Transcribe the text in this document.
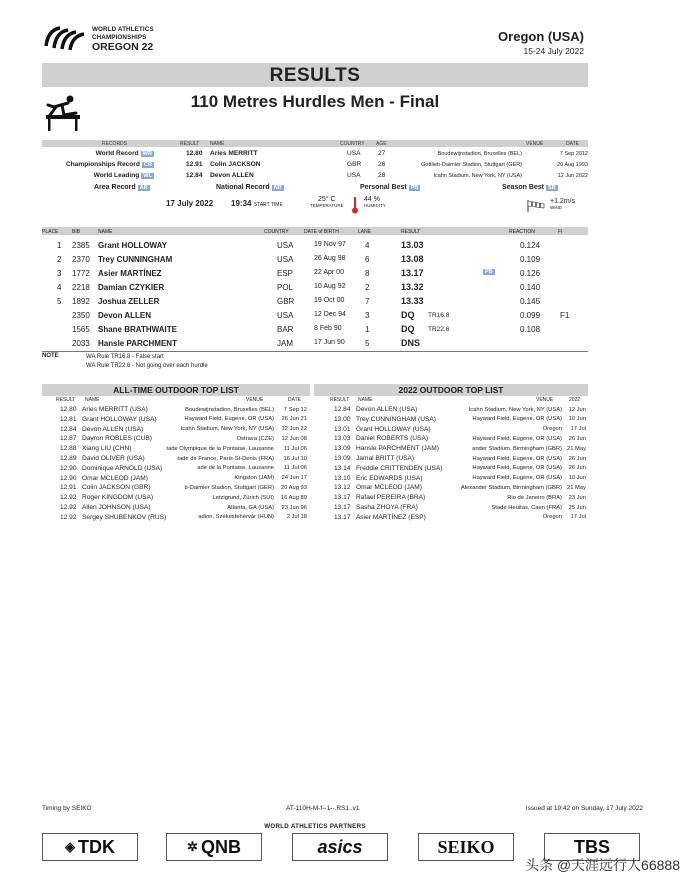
WORLD ATHLETICS
CHAMPIONSHIPS
OREGON 22
Oregon (USA)
15-24 July 2022
RESULTS
110 Metres Hurdles Men - Final
RECORDS	RESULT NAME	COUNTRY AGE	VENUE	DATE
World Record WR	12.80 Aries MERRITT	USA	27	Boudewijnstadion, Bruxelles (BEL)	7 Sep 2012
Championships Record CR	12.91 Colin JACKSON	GBR	26	Gottlieb-Daimler Stadion, Stuttgart (GER)	20 Aug 1993
World Leading WL	12.84 Devon ALLEN	USA	28	Icahn Stadium, New York, NY (USA)	12 Jun 2022
Area Record AR	National Record NR	Personal Best PB	Season Best SB
17 July 2022 19:34 START TIME
25° C
TEMPERATURE
44 %
HUMIDITY
+1.2m/s
WIND
PLACE	BIB	NAME	COUNTRY	DATE of BIRTH	LANE	RESULT	REACTION	Fl
1 2385 Grant HOLLOWAY	USA	19 Nov 97 4	13.03	0.124
2 2370 Trey CUNNINGHAM	USA	26 Aug 98 6	13.08	0.109
3 1772 Asier MARTÍNEZ	ESP	22 Apr 00	8	13.17	PB	0.126
4 2218 Damian CZYKIER	POL	10 Aug 92 2	13.32	0.140
5 1892 Joshua ZELLER	GBR	19 Oct 00	7	13.33	0.145
2350 Devon ALLEN	USA	12 Dec 94 3	DQ TR16.8	0.099 F1
1565 Shane BRATHWAITE	BAR	8 Feb 90	1	DQ TR22.6	0.108
2033 Hansle PARCHMENT	JAM	17 Jun 90	5	DNS
NOTE	WA Rule TR16.8 - False start
WA Rule TR22.6 - Not going over each hurdle
ALL-TIME OUTDOOR TOP LIST	2022 OUTDOOR TOP LIST
RESULT NAME	VENUE	DATE	RESULT NAME	VENUE	2022
12.80 Aries MERRITT (USA)	Boudewijnstadion, Bruxelles (BEL) 7 Sep 12
12.81 Grant HOLLOWAY (USA)	Hayward Field, Eugene, OR (USA) 26 Jun 21
12.84 Devon ALLEN (USA)	Icahn Stadium, New York, NY (USA) 12 Jun 22
12.87 Dayron ROBLES (CUB)	Ostrava (CZE) 12 Jun 08
12.88 Xiang LIU (CHN)	tade Olympique de la Pontaise, Lausanne 11 Jul 06
12.89 David OLIVER (USA)	tade de France, Paris-St-Denis (FRA) 16 Jul 10
12.90 Dominique ARNOLD (USA)	ade de la Pontaise, Lausanne 11 Jul 06
12.90 Omar MCLEOD (JAM)	Kingston (JAM) 24 Jun 17
12.91 Colin JACKSON (GBR)	b-Daimler Stadion, Stuttgart (GER) 20 Aug 93
12.92 Roger KINGDOM (USA)	Letzigrund, Zürich (SUI) 16 Aug 89
12.92 Allen JOHNSON (USA)	Atlanta, GA (USA) 23 Jun 96
12.92 Sergey SHUBENKOV (RUS)	adion, Székesfehérvár (HUN) 2 Jul 18
12.84 Devon ALLEN (USA)	Icahn Stadium, New York, NY (USA) 12 Jun
13.00 Trey CUNNINGHAM (USA)	Hayward Field, Eugene, OR (USA) 10 Jun
13.01 Grant HOLLOWAY (USA)	Oregon 17 Jul
13.03 Daniel ROBERTS (USA)	Hayward Field, Eugene, OR (USA) 26 Jun
13.09 Hansle PARCHMENT (JAM)	ander Stadium, Birmingham (GBR) 21 May
13.09 Jamal BRITT (USA)	Hayward Field, Eugene, OR (USA) 26 Jun
13.14 Freddie CRITTENDEN (USA)	Hayward Field, Eugene, OR (USA) 26 Jun
13.10 Eric EDWARDS (USA)	Hayward Field, Eugene, OR (USA) 10 Jun
13.12 Omar MCLEOD (JAM)	Alexander Stadium, Birmingham (GBR) 21 May
13.17 Rafael PEREIRA (BRA)	Rio de Janeiro (BRA) 23 Jun
13.17 Sasha ZHOYA (FRA)	Stade Heuitas, Caen (FRA) 25 Jun
13.17 Asier MARTÍNEZ (ESP)	Oregon 17 Jul
Timing by SEIKO	AT-110H-M-f--1--.RS1..v1	Issued at 19:42 on Sunday, 17 July 2022
WORLD ATHLETICS PARTNERS
◈ TDK	✲ QNB	asics	SEIKO	TBS
头条 @天涯远行人66888
